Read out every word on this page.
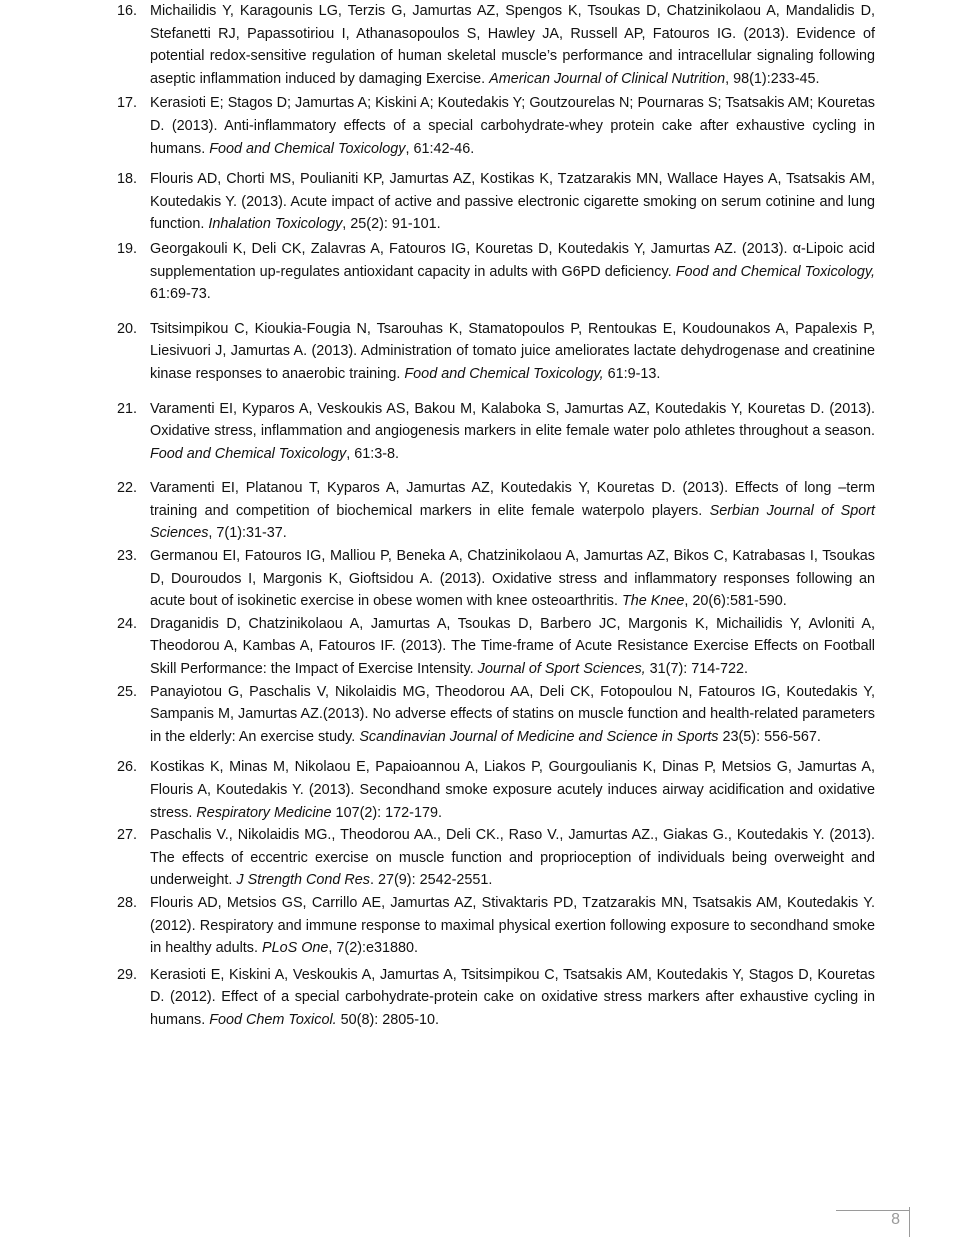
16. Michailidis Y, Karagounis LG, Terzis G, Jamurtas AZ, Spengos K, Tsoukas D, Chatzinikolaou A, Mandalidis D, Stefanetti RJ, Papassotiriou I, Athanasopoulos S, Hawley JA, Russell AP, Fatouros IG. (2013). Evidence of potential redox-sensitive regulation of human skeletal muscle’s performance and intracellular signaling following aseptic inflammation induced by damaging Exercise. American Journal of Clinical Nutrition, 98(1):233-45.
17. Kerasioti E; Stagos D; Jamurtas A; Kiskini A; Koutedakis Y; Goutzourelas N; Pournaras S; Tsatsakis AM; Kouretas D. (2013). Anti-inflammatory effects of a special carbohydrate-whey protein cake after exhaustive cycling in humans. Food and Chemical Toxicology, 61:42-46.
18. Flouris AD, Chorti MS, Poulianiti KP, Jamurtas AZ, Kostikas K, Tzatzarakis MN, Wallace Hayes A, Tsatsakis AM, Koutedakis Y. (2013). Acute impact of active and passive electronic cigarette smoking on serum cotinine and lung function. Inhalation Toxicology, 25(2): 91-101.
19. Georgakouli K, Deli CK, Zalavras A, Fatouros IG, Kouretas D, Koutedakis Y, Jamurtas AZ. (2013). α-Lipoic acid supplementation up-regulates antioxidant capacity in adults with G6PD deficiency. Food and Chemical Toxicology, 61:69-73.
20. Tsitsimpikou C, Kioukia-Fougia N, Tsarouhas K, Stamatopoulos P, Rentoukas E, Koudounakos A, Papalexis P, Liesivuori J, Jamurtas A. (2013). Administration of tomato juice ameliorates lactate dehydrogenase and creatinine kinase responses to anaerobic training. Food and Chemical Toxicology, 61:9-13.
21. Varamenti EI, Kyparos A, Veskoukis AS, Bakou M, Kalaboka S, Jamurtas AZ, Koutedakis Y, Kouretas D. (2013). Oxidative stress, inflammation and angiogenesis markers in elite female water polo athletes throughout a season. Food and Chemical Toxicology, 61:3-8.
22. Varamenti EI, Platanou T, Kyparos A, Jamurtas AZ, Koutedakis Y, Kouretas D. (2013). Effects of long –term training and competition of biochemical markers in elite female waterpolo players. Serbian Journal of Sport Sciences, 7(1):31-37.
23. Germanou EI, Fatouros IG, Malliou P, Beneka A, Chatzinikolaou A, Jamurtas AZ, Bikos C, Katrabasas I, Tsoukas D, Douroudos I, Margonis K, Gioftsidou A. (2013). Oxidative stress and inflammatory responses following an acute bout of isokinetic exercise in obese women with knee osteoarthritis. The Knee, 20(6):581-590.
24. Draganidis D, Chatzinikolaou A, Jamurtas A, Tsoukas D, Barbero JC, Margonis K, Michailidis Y, Avloniti A, Theodorou A, Kambas A, Fatouros IF. (2013). The Time-frame of Acute Resistance Exercise Effects on Football Skill Performance: the Impact of Exercise Intensity. Journal of Sport Sciences, 31(7): 714-722.
25. Panayiotou G, Paschalis V, Nikolaidis MG, Theodorou AA, Deli CK, Fotopoulou N, Fatouros IG, Koutedakis Y, Sampanis M, Jamurtas AZ.(2013). No adverse effects of statins on muscle function and health-related parameters in the elderly: An exercise study. Scandinavian Journal of Medicine and Science in Sports 23(5): 556-567.
26. Kostikas K, Minas M, Nikolaou E, Papaioannou A, Liakos P, Gourgoulianis K, Dinas P, Metsios G, Jamurtas A, Flouris A, Koutedakis Y. (2013). Secondhand smoke exposure acutely induces airway acidification and oxidative stress. Respiratory Medicine 107(2): 172-179.
27. Paschalis V., Nikolaidis MG., Theodorou AA., Deli CK., Raso V., Jamurtas AZ., Giakas G., Koutedakis Y. (2013). The effects of eccentric exercise on muscle function and proprioception of individuals being overweight and underweight. J Strength Cond Res. 27(9): 2542-2551.
28. Flouris AD, Metsios GS, Carrillo AE, Jamurtas AZ, Stivaktaris PD, Tzatzarakis MN, Tsatsakis AM, Koutedakis Y. (2012). Respiratory and immune response to maximal physical exertion following exposure to secondhand smoke in healthy adults. PLoS One, 7(2):e31880.
29. Kerasioti E, Kiskini A, Veskoukis A, Jamurtas A, Tsitsimpikou C, Tsatsakis AM, Koutedakis Y, Stagos D, Kouretas D. (2012). Effect of a special carbohydrate-protein cake on oxidative stress markers after exhaustive cycling in humans. Food Chem Toxicol. 50(8): 2805-10.
8
